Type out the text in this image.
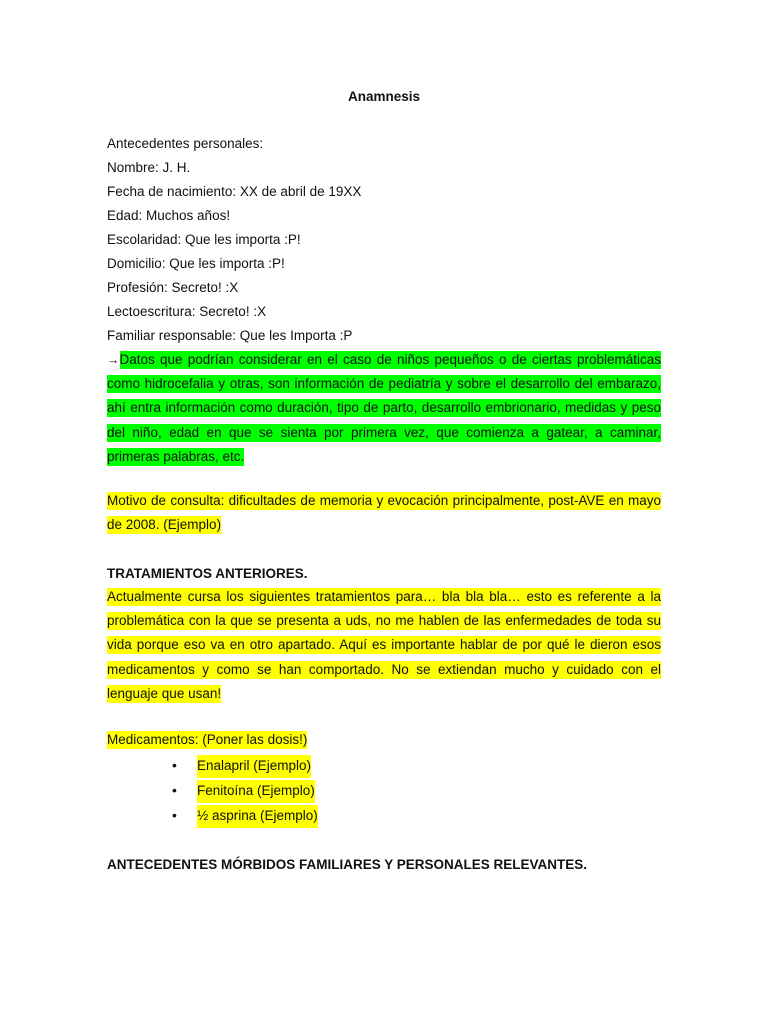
Anamnesis
Antecedentes personales:
Nombre: J. H.
Fecha de nacimiento: XX de abril de 19XX
Edad: Muchos años!
Escolaridad: Que les importa :P!
Domicilio: Que les importa :P!
Profesión: Secreto! :X
Lectoescritura: Secreto! :X
Familiar responsable: Que les Importa :P

→Datos que podrían considerar en el caso de niños pequeños o de ciertas problemáticas como hidrocefalia y otras, son información de pediatría y sobre el desarrollo del embarazo, ahí entra información como duración, tipo de parto, desarrollo embrionario, medidas y peso del niño, edad en que se sienta por primera vez, que comienza a gatear, a caminar, primeras palabras, etc.

Motivo de consulta: dificultades de memoria y evocación principalmente, post-AVE en mayo de 2008. (Ejemplo)

TRATAMIENTOS ANTERIORES.

Actualmente cursa los siguientes tratamientos para… bla bla bla… esto es referente a la problemática con la que se presenta a uds, no me hablen de las enfermedades de toda su vida porque eso va en otro apartado. Aquí es importante hablar de por qué le dieron esos medicamentos y como se han comportado. No se extiendan mucho y cuidado con el lenguaje que usan!

Medicamentos: (Poner las dosis!)
• Enalapril (Ejemplo)
• Fenitoína (Ejemplo)
• ½ asprina (Ejemplo)
ANTECEDENTES MÓRBIDOS FAMILIARES Y PERSONALES RELEVANTES.
